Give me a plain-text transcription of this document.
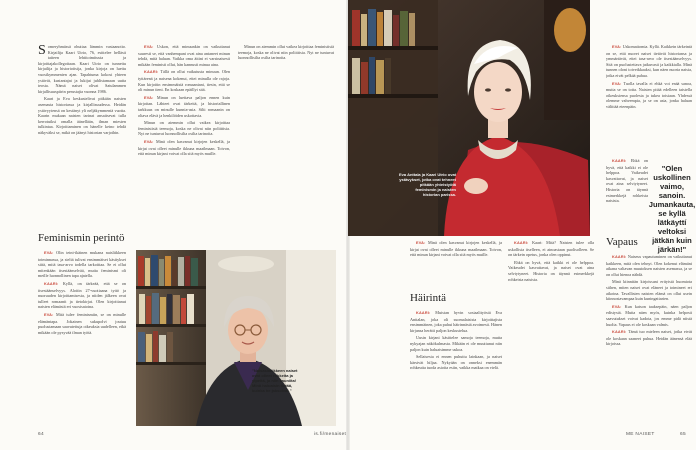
S omeryhmässä ohuttaa lämmin vastaanotto. Kirjailija Kaari Utrio, 76, esittelee hellästi taiteen lehtitoimitusta ja kirjoittajakollegoitaan. Kaari Utrio on tunnettu kirjailija ja historioitsija, jonka kirjoja on luettu vuosikymmenien ajan. Tapahtuma kokosi yhteen ystävät, kustantajat ja lukijat juhlistamaan uutta teosta. Nämä naiset olivat Satulammen kirjallisuuspiirin perustajia vuonna 1986.

Kaari ja Eva keskustelivat pitkään naisten asemasta historiassa ja kirjallisuudessa. Heidän ystävyytensä on kestänyt yli neljäkymmentä vuotta. Kaarin mukaan naisten tarinat ansaitsevat tulla kerrotuiksi omalla äänellään, ilman miesten tulkintaa. Kirjoittaminen on hänelle keino tehdä näkyväksi se, mikä on jäänyt historian varjoihin.

Feminismin perintö

EVA: Olin teini-ikäinen mukana naisliikkeen toiminnassa, ja sieltä tulivat ensimmäiset käsitykset siitä, mitä tasa-arvo todella tarkoittaa. Se ei ollut mitenkään itsestäänselvää, mutta feminismi oli meille luonnollinen tapa ajatella.

KAARI: Kyllä, on tärkeää, että se on itsestäänselvyys. Aloitin 27-vuotiaana tyttö ja nuoruuden kirjoittamisesta, ja niiden jälkeen ovat tulleet romaanit ja tietokirjat. Olen kirjoittanut naisten elämästä eri vuosisatoina.

EVA: Mitä tulee feminismiin, se on minulle elämäntapa. Jokainen sukupolvi joutuu puolustamaan saavutettuja oikeuksia uudelleen, eikä mikään ole pysyvää ilman työtä.

EVA: Uskon, että minuunkin on vaikuttanut suuresti se, että vanhempani ovat aina antaneet minun tehdä, mitä haluan. Vaikka oma äitini ei varsinaisesti mikään feministi ollut, hän kannusti minua aina.

KAARI: Tällä on ollut vaikutusta minuun. Olen tyttärenä ja naisena kokenut, ettei minulla ole rajoja. Kun kirjoitin ensimmäistä romaaniani, tiesin, että se oli minun tieni. En koskaan epäillyt sitä.

EVA: Minun on luettava paljon ennen kuin kirjoitan. Lähteet ovat tärkeitä, ja historiallinen tarkkuus on minulle kunnia-asia. Silti romaanin on oltava elävä ja henkilöiden uskottavia.

Minun on aiemmin ollut vaikea kirjoittaa feministisiä teemoja, koska ne olivat niin poliittisia. Nyt ne tuntuvat luonnollisilta osilta tarinoita.

EVA: Minä olen kasvanut kirjojen keskellä, ja kirjat ovat olleet minulle ikkuna maailmaan. Toivon, että minun kirjani voivat olla sitä myös muille.

"Naisasialiikkeen naiset ovat olleet rohkeita ja ylpeitä, ja niin kauniita! Minä haluaisin tietää, kuinka he jaksoivat."

Minun on aiemmin ollut vaikea kirjoittaa feministisiä teemoja, koska ne olivat niin poliittisia. Nyt ne tuntuvat luonnollisilta osilta tarinoita.

64
Eva Anttala ja Kaari Utrio ovat ystävykset, jotka ovat tehneet pitkään yhteistyötä feminismin ja naisten historian parissa.

EVA: Uskomattomia. Kyllä. Kaikkein tärkeintä on se, että nuoret naiset tietävät historiansa ja ymmärtävät, ettei tasa-arvo ole itsestäänselvyys. Sitä on puolustettava jatkuvasti ja kaikkialla. Minä tunnen oloni toiveikkaaksi, kun näen nuoria naisia, jotka eivät pelkää puhua.

EVA: Tuolla tavalla ei ehkä voi enää sanoa, mutta se on totta. Naisten pitää edelleen taistella oikeuksiensa puolesta ja tukea toisiaan. Yhdessä olemme vahvempia, ja se on asia, jonka haluan välittää eteenpäin.

KAARI: Ehkä on hyvä, että kaikki ei ole helppoa. Vaikeudet kasvattavat, ja naiset ovat aina selviytyneet. Historia on täynnä esimerkkejä rohkeista naisista.

"Olen uskollinen vaimo, sanoin. Jumankauta, se kyllä lätkäyttí veltoksi jätkän kuin järkän!"

EVA: Minä olen kasvanut kirjojen keskellä, ja kirjat ovat olleet minulle ikkuna maailmaan. Toivon, että minun kirjani voivat olla sitä myös muille.

Häirintä

KAARI: Muistan hyvin sosiaalityöstä Eva Anttalan, joka oli suomalaisista kirjoittajista ensimmäinen, joka puhui häirinnästä avoimesti. Hänen kirjansa herätti paljon keskustelua.

Uusin kirjani käsittelee samoja teemoja, mutta nykyajan näkökulmasta. Mikään ei ole muuttunut niin paljon kuin haluaisimme uskoa.

Sellaisesta ei ennen puhuttu lainkaan, ja naiset kärsivät hiljaa. Nykyään on onneksi enemmän rohkeutta tuoda asioita esiin, vaikka matkaa on vielä.

KAARI: Kaari: Mitä? Naisten tulee olla uskollisia itselleen, ei ainoastaan puolisolleen. Se on tärkein opetus, jonka olen oppinut.

Ehkä on hyvä, että kaikki ei ole helppoa. Vaikeudet kasvattavat, ja naiset ovat aina selviytyneet. Historia on täynnä esimerkkejä rohkeista naisista.

Vapaus

KAARI: Naiseus vapautuminen on vaikuttanut kaikkeen, mitä olen tehnyt. Olen kokenut elämäni aikana valtavan muutoksen naisten asemassa, ja se on ollut hienoa nähdä.

Minä kiinnitän kirjoissani erityistä huomiota siihen, miten naiset ovat eläneet ja toimineet eri aikoina. Tavallisten naisten elämä on ollut usein kiinnostavampaa kuin kuningattarien.

EVA: Kun katson taaksepäin, näen paljon edistystä. Mutta näen myös, kuinka helposti saavutukset voivat kadota, jos emme pidä niistä huolta. Vapaus ei ole koskaan valmis.

KAARI: Tämä tuo mieleen naiset, jotka eivät ole koskaan saaneet puhua. Heidän äänensä elää kirjoissa.

is.fi/menaiset	ME NAISET	65
